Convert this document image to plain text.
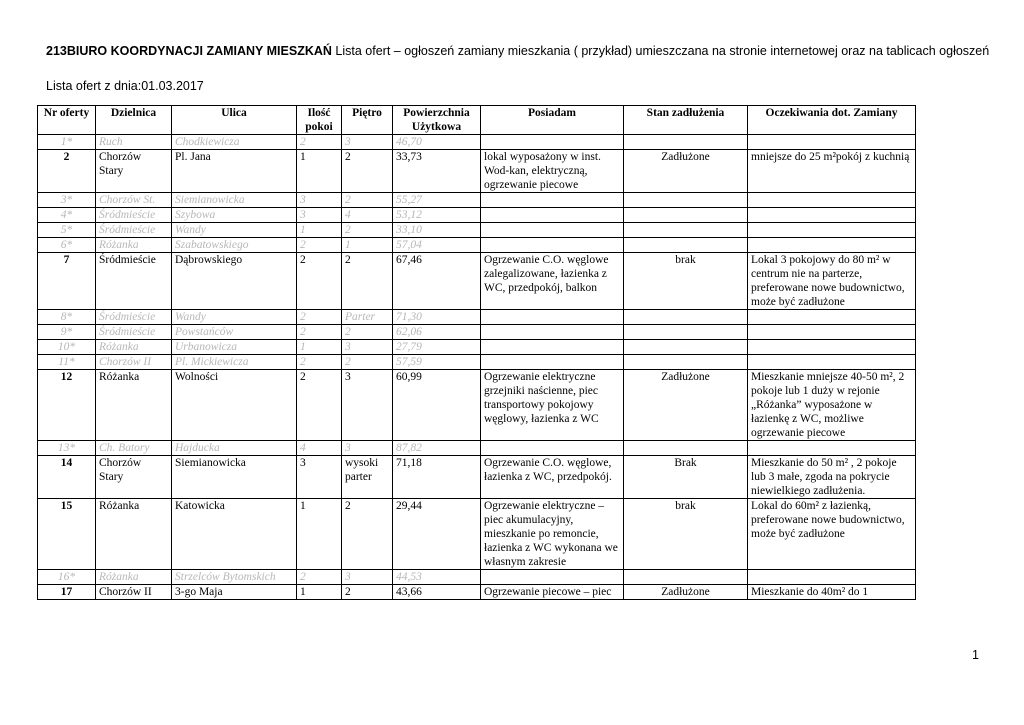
213BIURO KOORDYNACJI ZAMIANY MIESZKAŃ Lista ofert – ogłoszeń zamiany mieszkania ( przykład) umieszczana na stronie internetowej oraz na tablicach ogłoszeń
Lista ofert z dnia:01.03.2017
Nr oferty	Dzielnica	Ulica	Ilość pokoi	Piętro	Powierzchnia Użytkowa	Posiadam	Stan zadłużenia	Oczekiwania dot. Zamiany
1*	Ruch	Chodkiewicza	2	3	46,70			
2	Chorzów Stary	Pl. Jana	1	2	33,73	lokal wyposażony w inst. Wod-kan, elektryczną, ogrzewanie piecowe	Zadłużone	mniejsze do 25 m²pokój z kuchnią
3*	Chorzów St.	Siemianowicka	3	2	55,27			
4*	Śródmieście	Szybowa	3	4	53,12			
5*	Śródmieście	Wandy	1	2	33,10			
6*	Różanka	Szabatowskiego	2	1	57,04			
7	Śródmieście	Dąbrowskiego	2	2	67,46	Ogrzewanie C.O. węglowe zalegalizowane, łazienka z WC, przedpokój, balkon	brak	Lokal 3 pokojowy do 80 m² w centrum nie na parterze, preferowane nowe budownictwo, może być zadłużone
8*	Śródmieście	Wandy	2	Parter	71,30			
9*	Śródmieście	Powstańców	2	2	62,06			
10*	Różanka	Urbanowicza	1	3	27,79			
11*	Chorzów II	Pl. Mickiewicza	2	2	57,59			
12	Różanka	Wolności	2	3	60,99	Ogrzewanie elektryczne grzejniki naścienne, piec transportowy pokojowy węglowy, łazienka z WC	Zadłużone	Mieszkanie mniejsze 40-50 m², 2 pokoje lub 1 duży w rejonie „Różanka” wyposażone w łazienkę z WC, możliwe ogrzewanie piecowe
13*	Ch. Batory	Hajducka	4	3	87,82			
14	Chorzów Stary	Siemianowicka	3	wysoki parter	71,18	Ogrzewanie C.O. węglowe, łazienka z WC, przedpokój.	Brak	Mieszkanie do 50 m² , 2 pokoje lub 3 małe, zgoda na pokrycie niewielkiego zadłużenia.
15	Różanka	Katowicka	1	2	29,44	Ogrzewanie elektryczne – piec akumulacyjny, mieszkanie po remoncie, łazienka z WC wykonana we własnym zakresie	brak	Lokal do 60m² z łazienką, preferowane nowe budownictwo, może być zadłużone
16*	Różanka	Strzelców Bytomskich	2	3	44,53			
17	Chorzów II	3-go Maja	1	2	43,66	Ogrzewanie piecowe – piec	Zadłużone	Mieszkanie do 40m² do 1
1
